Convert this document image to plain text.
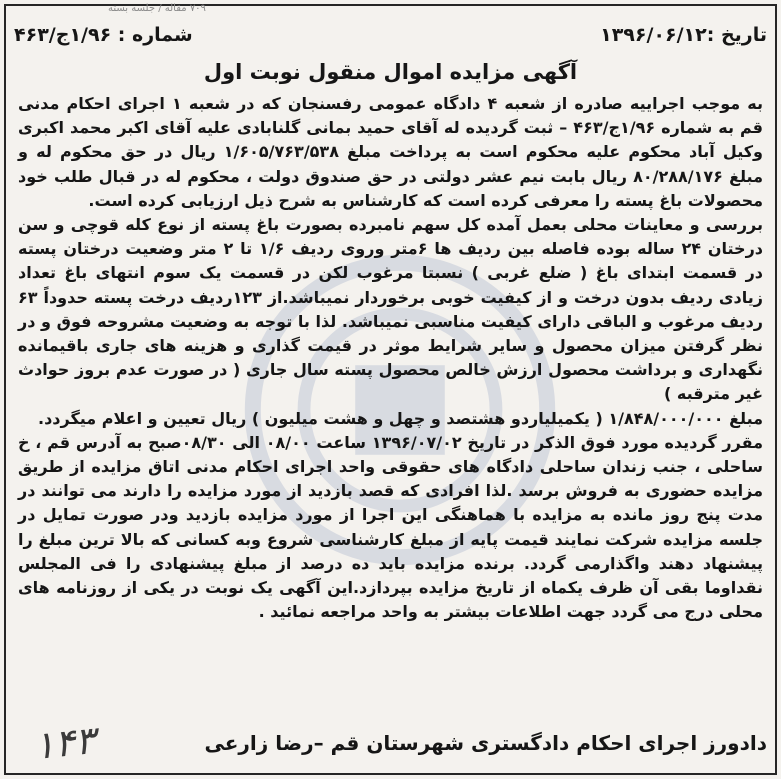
۷۰۹ مقاله / جلسه بسته
تاریخ :۱۳۹۶/۰۶/۱۲
شماره : ۱/۹۶ج/۴۶۳
آگهی مزایده اموال منقول نوبت اول

به موجب اجراییه صادره از شعبه ۴ دادگاه عمومی رفسنجان که در شعبه ۱ اجرای احکام مدنی قم به شماره ۱/۹۶ج/۴۶۳ – ثبت گردیده له آقای حمید بمانی گلنابادی علیه آقای اکبر محمد اکبری وکیل آباد محکوم علیه محکوم است به پرداخت مبلغ ۱/۶۰۵/۷۶۳/۵۳۸ ریال در حق محکوم له و مبلغ ۸۰/۲۸۸/۱۷۶ ریال بابت نیم عشر دولتی در حق صندوق دولت ، محکوم له در قبال طلب خود محصولات باغ پسته را معرفی کرده است که کارشناس به شرح ذیل ارزیابی کرده است.

بررسی و معاینات محلی بعمل آمده کل سهم نامبرده بصورت باغ پسته از نوع کله قوچی و سن درختان ۲۴ ساله بوده فاصله بین ردیف ها ۶متر وروی ردیف ۱/۶ تا ۲ متر وضعیت درختان پسته در قسمت ابتدای باغ ( ضلع غربی ) نسبتا مرغوب لکن در قسمت یک سوم انتهای باغ تعداد زیادی ردیف بدون درخت و از کیفیت خوبی برخوردار نمیباشد.از ۱۲۳ردیف درخت پسته حدوداً ۶۳ ردیف مرغوب و الباقی دارای کیفیت مناسبی نمیباشد. لذا با توجه به وضعیت مشروحه فوق و در نظر گرفتن میزان محصول و سایر شرایط موثر در قیمت گذاری و هزینه های جاری باقیمانده نگهداری و برداشت محصول ارزش خالص محصول پسته سال جاری ( در صورت عدم بروز حوادث غیر مترقبه )

مبلغ ۱/۸۴۸/۰۰۰/۰۰۰ ( یکمیلیاردو هشتصد و چهل و هشت میلیون ) ریال تعیین و اعلام میگردد.

مقرر گردیده مورد فوق الذکر در تاریخ ۱۳۹۶/۰۷/۰۲ ساعت ۰۸/۰۰ الی ۰۸/۳۰صبح به آدرس قم ، خ ساحلی ، جنب زندان ساحلی دادگاه های حقوقی واحد اجرای احکام مدنی اتاق مزایده از طریق مزایده حضوری به فروش برسد .لذا افرادی که قصد بازدید از مورد مزایده را دارند می توانند در مدت پنج روز مانده به مزایده با هماهنگی این اجرا از مورد مزایده بازدید ودر صورت تمایل در جلسه مزایده شرکت نمایند قیمت پایه از مبلغ کارشناسی شروع وبه کسانی که بالا ترین مبلغ را پیشنهاد دهند واگذارمی گردد. برنده مزایده باید ده درصد از مبلغ پیشنهادی را فی المجلس نقداوما بقی آن ظرف یکماه از تاریخ مزایده بپردازد.این آگهی یک نوبت در یکی از روزنامه های محلی درج می گردد جهت اطلاعات بیشتر به واحد مراجعه نمائید .

دادورز اجرای احکام دادگستری شهرستان قم –رضا زارعی
۱۴۳
